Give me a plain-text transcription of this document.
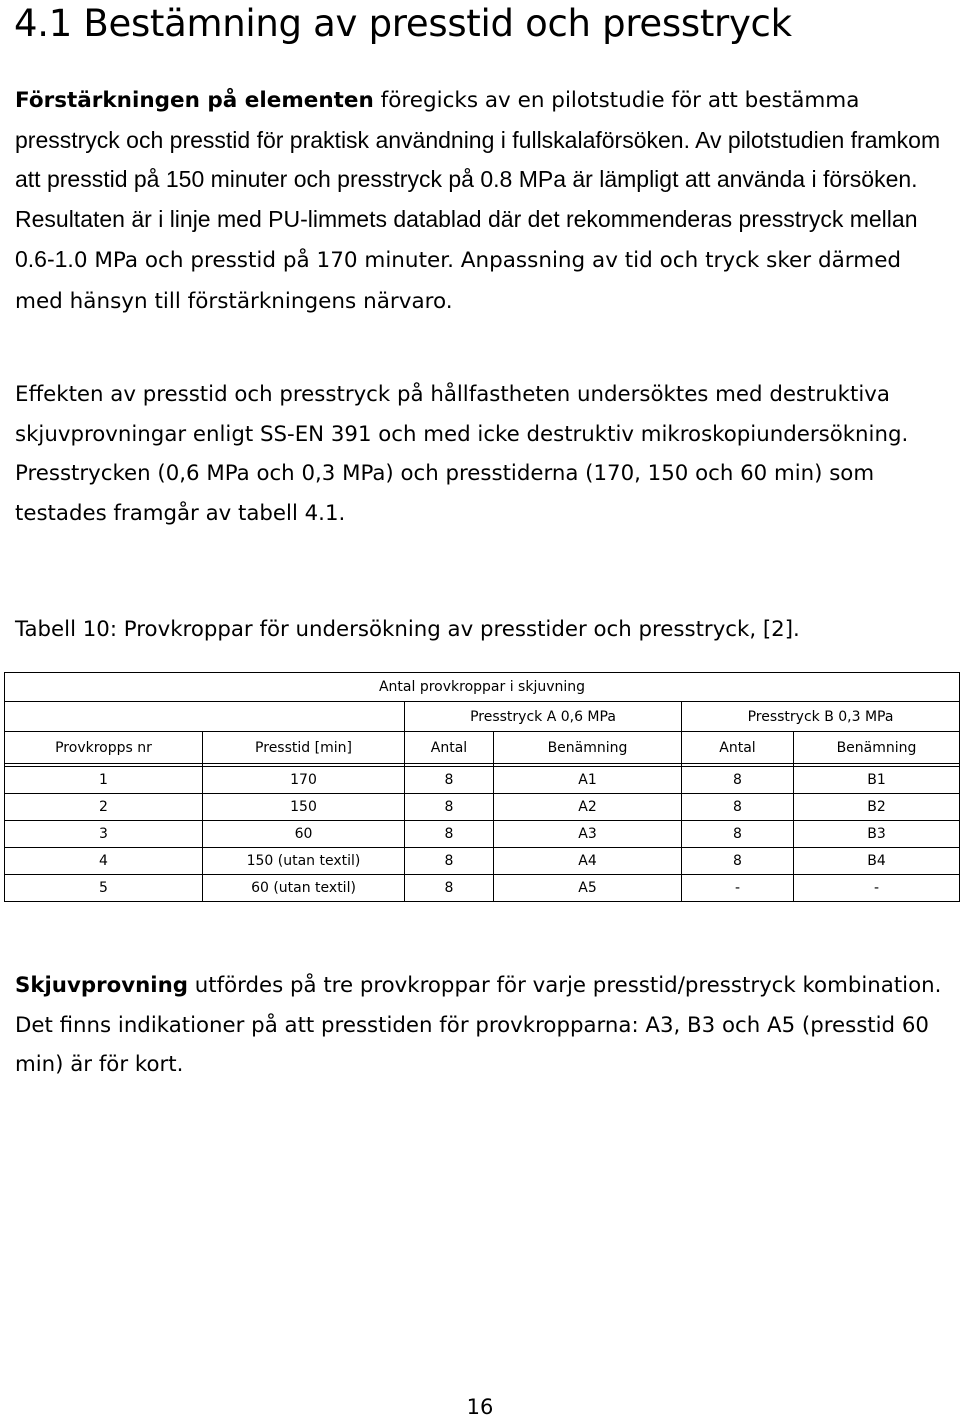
4.1 Bestämning av presstid och presstryck

Förstärkningen på elementen föregicks av en pilotstudie för att bestämma presstryck och presstid för praktisk användning i fullskalaförsöken. Av pilotstudien framkom att presstid på 150 minuter och presstryck på 0.8 MPa är lämpligt att använda i försöken. Resultaten är i linje med PU-limmets datablad där det rekommenderas presstryck mellan 0.6-1.0 MPa och presstid på 170 minuter. Anpassning av tid och tryck sker därmed med hänsyn till förstärkningens närvaro.

Effekten av presstid och presstryck på hållfastheten undersöktes med destruktiva skjuvprovningar enligt SS-EN 391 och med icke destruktiv mikroskopiundersökning. Presstrycken (0,6 MPa och 0,3 MPa) och presstiderna (170, 150 och 60 min) som testades framgår av tabell 4.1.

Tabell 10: Provkroppar för undersökning av presstider och presstryck, [2].

Antal provkroppar i skjuvning					
		Presstryck A 0,6 MPa		Presstryck B 0,3 MPa	
Provkropps nr	Presstid [min]	Antal	Benämning	Antal	Benämning

1	170	8	A1	8	B1
2	150	8	A2	8	B2
3	60	8	A3	8	B3
4	150 (utan textil)	8	A4	8	B4
5	60 (utan textil)	8	A5	-	-

Skjuvprovning utfördes på tre provkroppar för varje presstid/presstryck kombination. Det finns indikationer på att presstiden för provkropparna: A3, B3 och A5 (presstid 60 min) är för kort.

16
